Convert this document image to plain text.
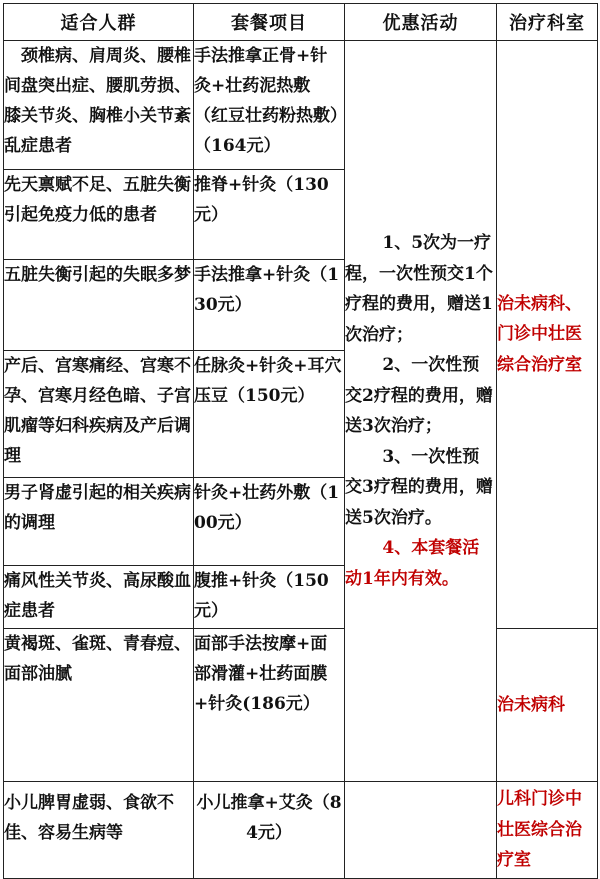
适合人群	套餐项目	优惠活动	治疗科室
颈椎病、肩周炎、腰椎间盘突出症、腰肌劳损、膝关节炎、胸椎小关节紊乱症患者	手法推拿正骨+针灸+壮药泥热敷（红豆壮药粉热敷）（164元）	1、5次为一疗程，一次性预交1个疗程的费用，赠送1次治疗；

2、一次性预交2疗程的费用，赠送3次治疗；

3、一次性预交3疗程的费用，赠送5次治疗。

4、本套餐活动1年内有效。	治未病科、门诊中壮医综合治疗室
先天禀赋不足、五脏失衡引起免疫力低的患者	推脊+针灸（130元）		
五脏失衡引起的失眠多梦	手法推拿+针灸（130元）		
产后、宫寒痛经、宫寒不孕、宫寒月经色暗、子宫肌瘤等妇科疾病及产后调理	任脉灸+针灸+耳穴压豆（150元）		
男子肾虚引起的相关疾病的调理	针灸+壮药外敷（100元）		
痛风性关节炎、高尿酸血症患者	腹推+针灸（150元）		
黄褐斑、雀斑、青春痘、面部油腻	面部手法按摩+面部滑灌+壮药面膜+针灸(186元）		治未病科
小儿脾胃虚弱、食欲不佳、容易生病等	小儿推拿+艾灸（84元）		儿科门诊中壮医综合治疗室
